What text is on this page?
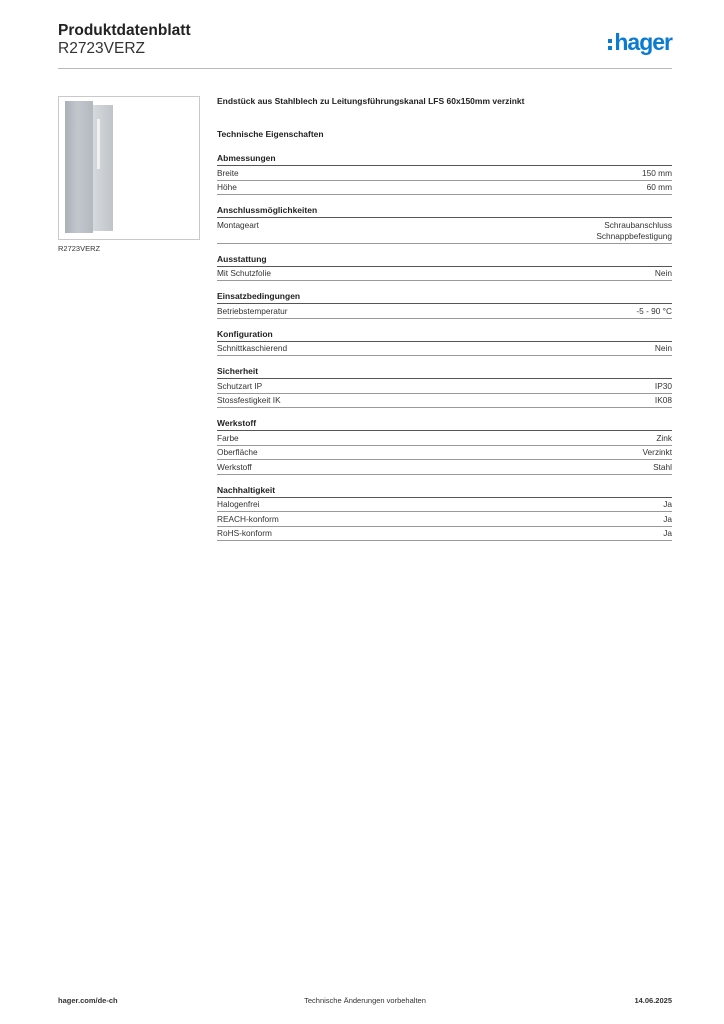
Produktdatenblatt
R2723VERZ	hager
R2723VERZ
Endstück aus Stahlblech zu Leitungsführungskanal LFS 60x150mm verzinkt
Technische Eigenschaften
Abmessungen
Breite	150 mm
Höhe	60 mm
Anschlussmöglichkeiten
Montageart	Schraubanschluss
Schnappbefestigung
Ausstattung
Mit Schutzfolie	Nein
Einsatzbedingungen
Betriebstemperatur	-5 - 90 °C
Konfiguration
Schnittkaschierend	Nein
Sicherheit
Schutzart IP	IP30
Stossfestigkeit IK	IK08
Werkstoff
Farbe	Zink
Oberfläche	Verzinkt
Werkstoff	Stahl
Nachhaltigkeit
Halogenfrei	Ja
REACH-konform	Ja
RoHS-konform	Ja
hager.com/de-ch	Technische Änderungen vorbehalten	14.06.2025
